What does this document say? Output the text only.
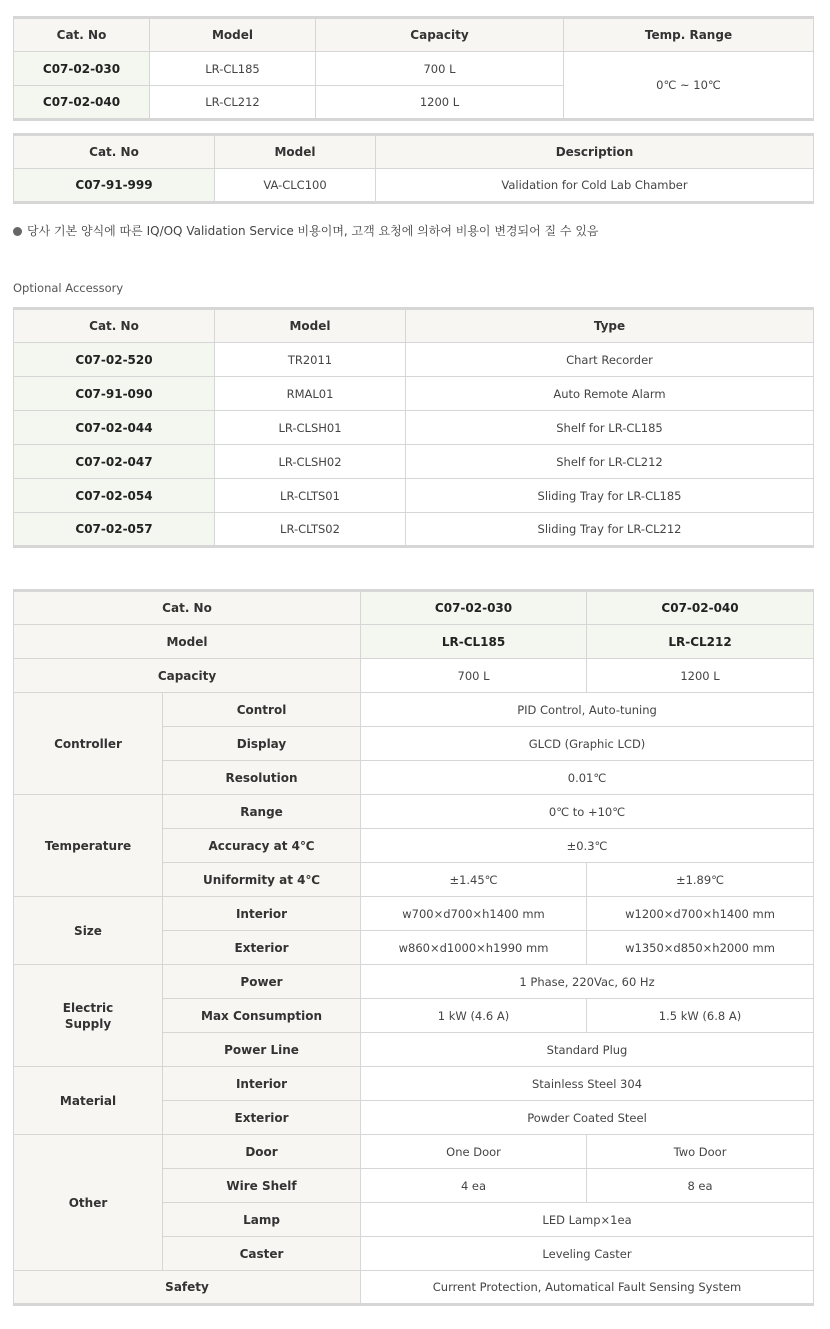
Cat. No	Model	Capacity	Temp. Range
C07-02-030	LR-CL185	700 L	0℃ ~ 10℃
C07-02-040	LR-CL212	1200 L	
Cat. No	Model	Description
C07-91-999	VA-CLC100	Validation for Cold Lab Chamber
당사 기본 양식에 따른 IQ/OQ Validation Service 비용이며, 고객 요청에 의하여 비용이 변경되어 질 수 있음
Optional Accessory
Cat. No	Model	Type
C07-02-520	TR2011	Chart Recorder
C07-91-090	RMAL01	Auto Remote Alarm
C07-02-044	LR-CLSH01	Shelf for LR-CL185
C07-02-047	LR-CLSH02	Shelf for LR-CL212
C07-02-054	LR-CLTS01	Sliding Tray for LR-CL185
C07-02-057	LR-CLTS02	Sliding Tray for LR-CL212
Cat. No		C07-02-030	C07-02-040
Model		LR-CL185	LR-CL212
Capacity		700 L	1200 L
Controller	Control	PID Control, Auto-tuning	
	Display	GLCD (Graphic LCD)	
	Resolution	0.01℃	
Temperature	Range	0℃ to +10℃	
	Accuracy at 4℃	±0.3℃	
	Uniformity at 4℃	±1.45℃	±1.89℃
Size	Interior	w700×d700×h1400 mm	w1200×d700×h1400 mm
	Exterior	w860×d1000×h1990 mm	w1350×d850×h2000 mm
Electric Supply	Power	1 Phase, 220Vac, 60 Hz	
	Max Consumption	1 kW (4.6 A)	1.5 kW (6.8 A)
	Power Line	Standard Plug	
Material	Interior	Stainless Steel 304	
	Exterior	Powder Coated Steel	
Other	Door	One Door	Two Door
	Wire Shelf	4 ea	8 ea
	Lamp	LED Lamp×1ea	
	Caster	Leveling Caster	
Safety		Current Protection, Automatical Fault Sensing System	
